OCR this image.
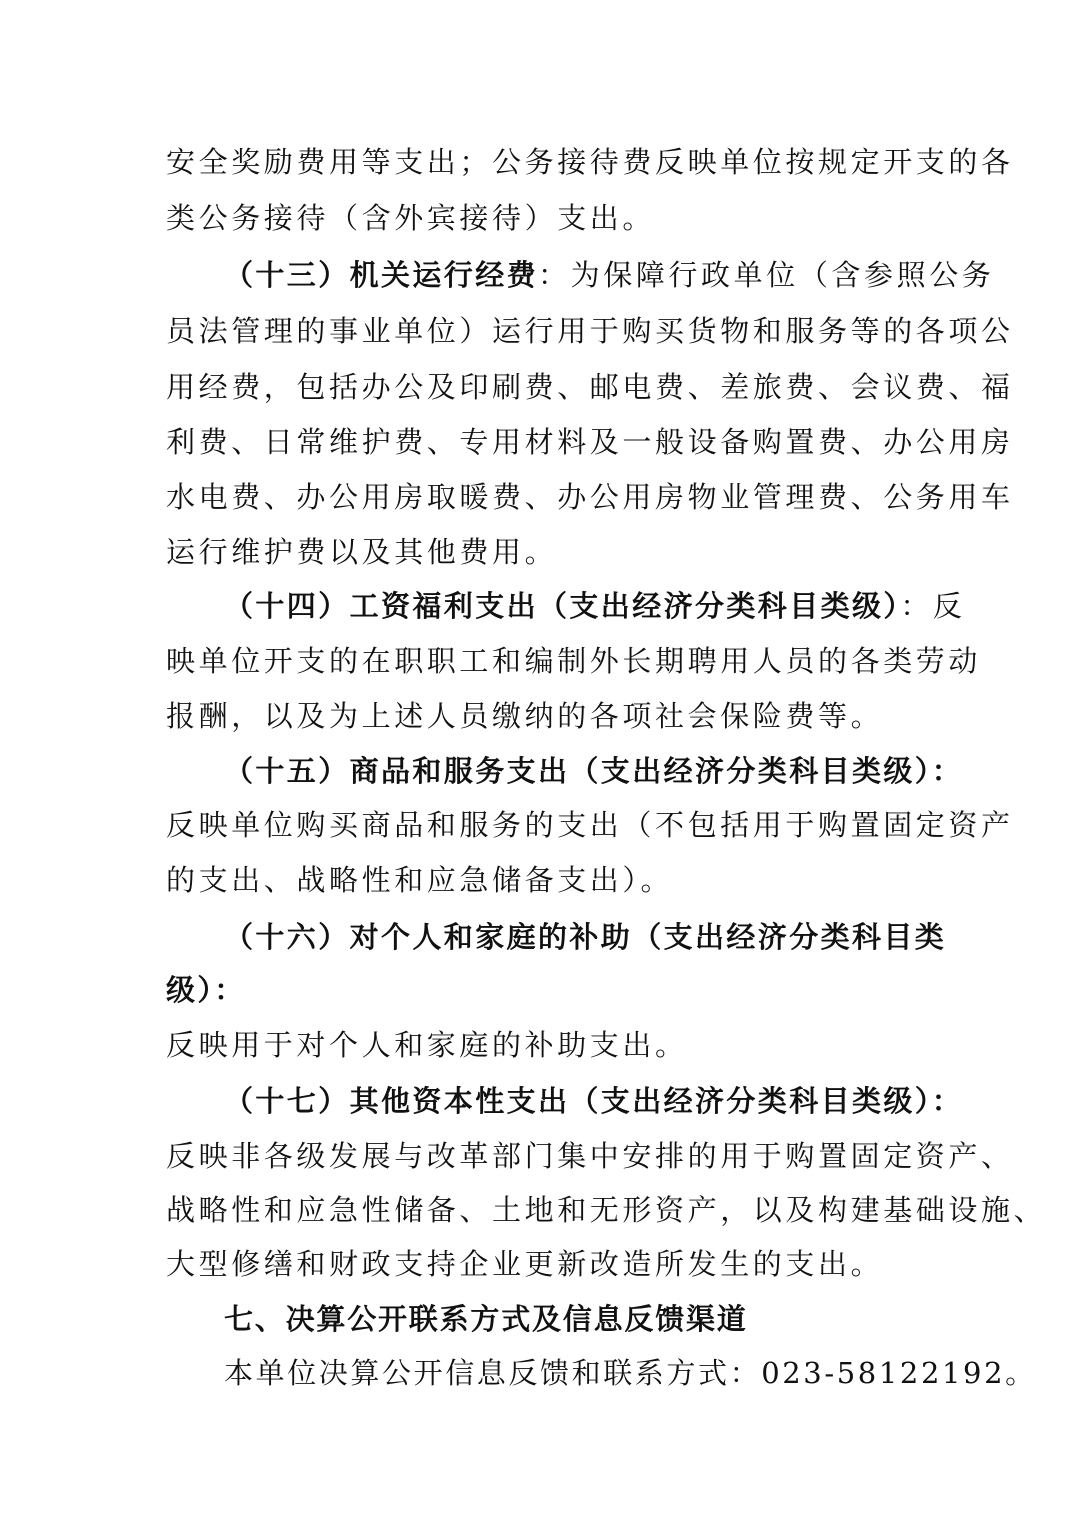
安全奖励费用等支出；公务接待费反映单位按规定开支的各
类公务接待（含外宾接待）支出。
（十三）机关运行经费：为保障行政单位（含参照公务
员法管理的事业单位）运行用于购买货物和服务等的各项公
用经费，包括办公及印刷费、邮电费、差旅费、会议费、福
利费、日常维护费、专用材料及一般设备购置费、办公用房
水电费、办公用房取暖费、办公用房物业管理费、公务用车
运行维护费以及其他费用。
（十四）工资福利支出（支出经济分类科目类级）：反
映单位开支的在职职工和编制外长期聘用人员的各类劳动
报酬，以及为上述人员缴纳的各项社会保险费等。
（十五）商品和服务支出（支出经济分类科目类级）：
反映单位购买商品和服务的支出（不包括用于购置固定资产
的支出、战略性和应急储备支出）。
（十六）对个人和家庭的补助（支出经济分类科目类
级）：
反映用于对个人和家庭的补助支出。
（十七）其他资本性支出（支出经济分类科目类级）：
反映非各级发展与改革部门集中安排的用于购置固定资产、
战略性和应急性储备、土地和无形资产，以及构建基础设施、
大型修缮和财政支持企业更新改造所发生的支出。
七、决算公开联系方式及信息反馈渠道
本单位决算公开信息反馈和联系方式：023-58122192。
